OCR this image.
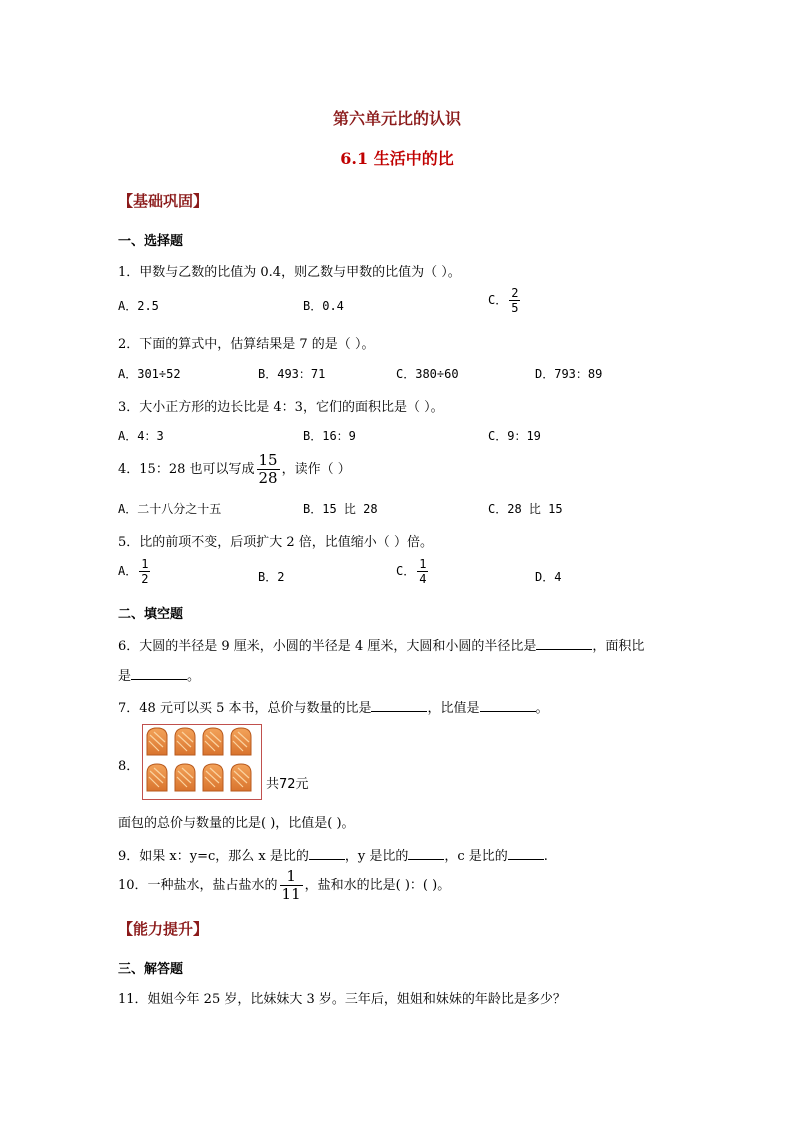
第六单元比的认识
6.1 生活中的比
【基础巩固】
一、选择题
1．甲数与乙数的比值为 0.4，则乙数与甲数的比值为（ ）。
A．2.5	B．0.4	C． $\frac{2}{5}$
2．下面的算式中，估算结果是 7 的是（ ）。
A．301÷52	B．493：71	C．380÷60	D．793：89
3．大小正方形的边长比是 4：3，它们的面积比是（ ）。
A．4：3	B．16：9	C．9：19
4．15：28 也可以写成 $\frac{15}{28}$ ，读作（ ）
A．二十八分之十五	B．15 比 28	C．28 比 15
5．比的前项不变，后项扩大 2 倍，比值缩小（ ）倍。
A． $\frac{1}{2}$	B．2	C． $\frac{1}{4}$	D．4
二、填空题
6．大圆的半径是 9 厘米，小圆的半径是 4 厘米，大圆和小圆的半径比是	，面积比
是	。
7．48 元可以买 5 本书，总价与数量的比是	，比值是	。
8．
共72元
面包的总价与数量的比是( )，比值是( )。
9．如果 x：y=c，那么 x 是比的	，y 是比的	，c 是比的	.
10．一种盐水，盐占盐水的 $\frac{1}{11}$ ，盐和水的比是( )：( )。
【能力提升】
三、解答题
11．姐姐今年 25 岁，比妹妹大 3 岁。三年后，姐姐和妹妹的年龄比是多少？
